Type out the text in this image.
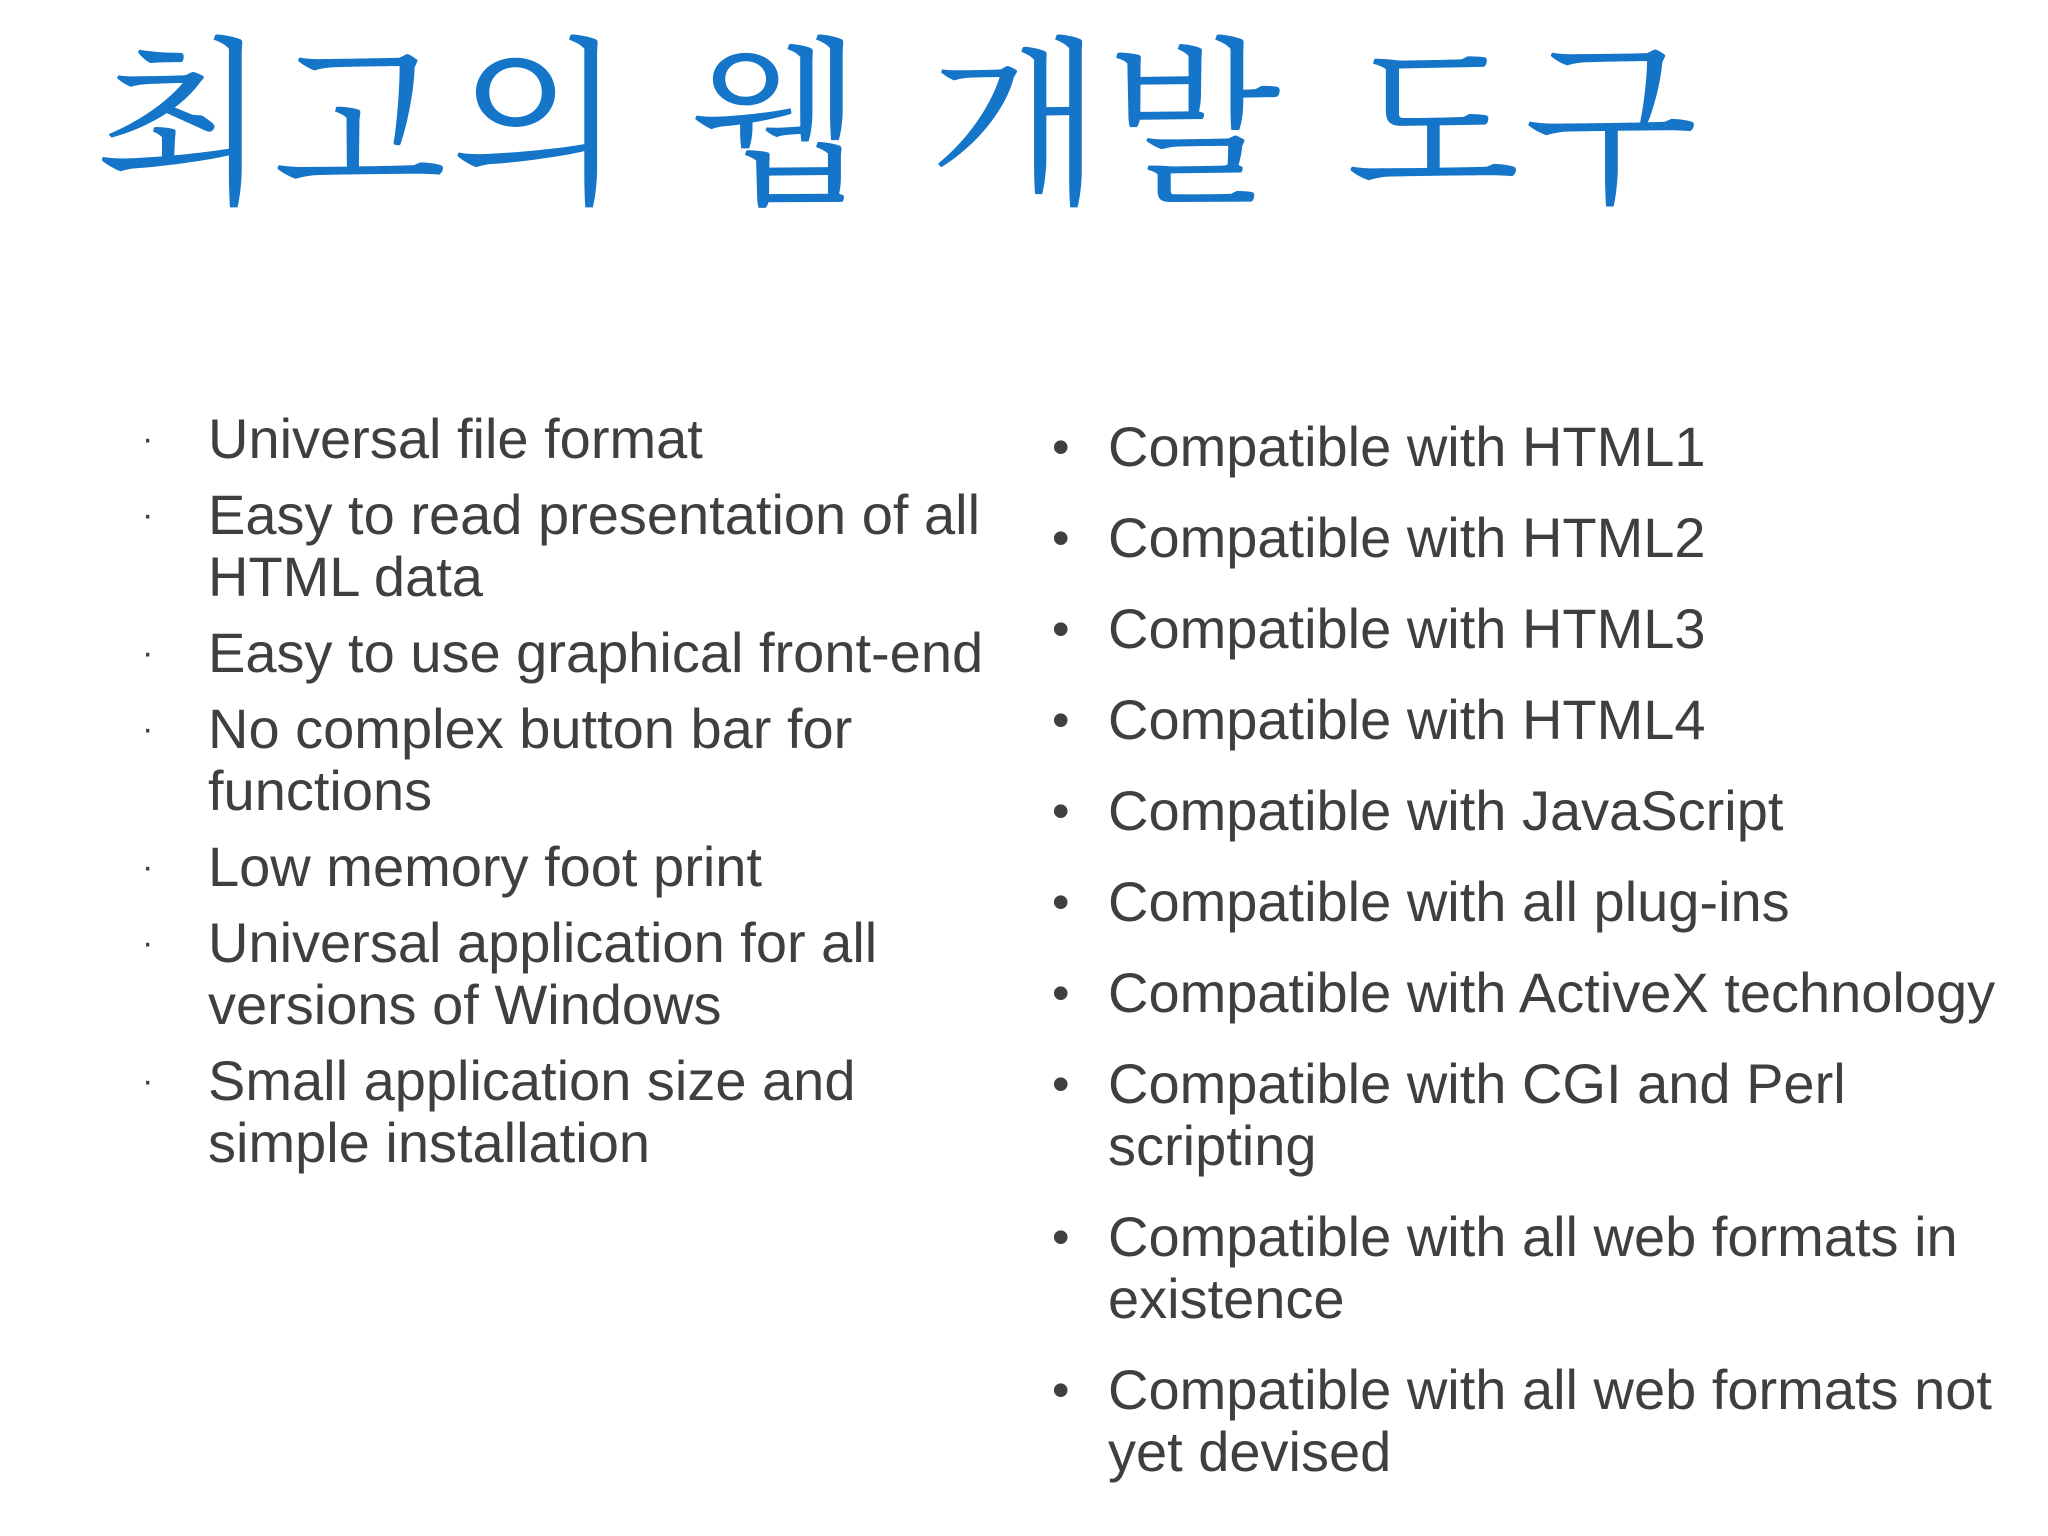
최고의 웹 개발 도구
· Universal file format
· Easy to read presentation of all HTML data
· Easy to use graphical front-end
· No complex button bar for functions
· Low memory foot print
· Universal application for all versions of Windows
· Small application size and simple installation
• Compatible with HTML1
• Compatible with HTML2
• Compatible with HTML3
• Compatible with HTML4
• Compatible with JavaScript
• Compatible with all plug-ins
• Compatible with ActiveX technology
• Compatible with CGI and Perl scripting
• Compatible with all web formats in existence
• Compatible with all web formats not yet devised
